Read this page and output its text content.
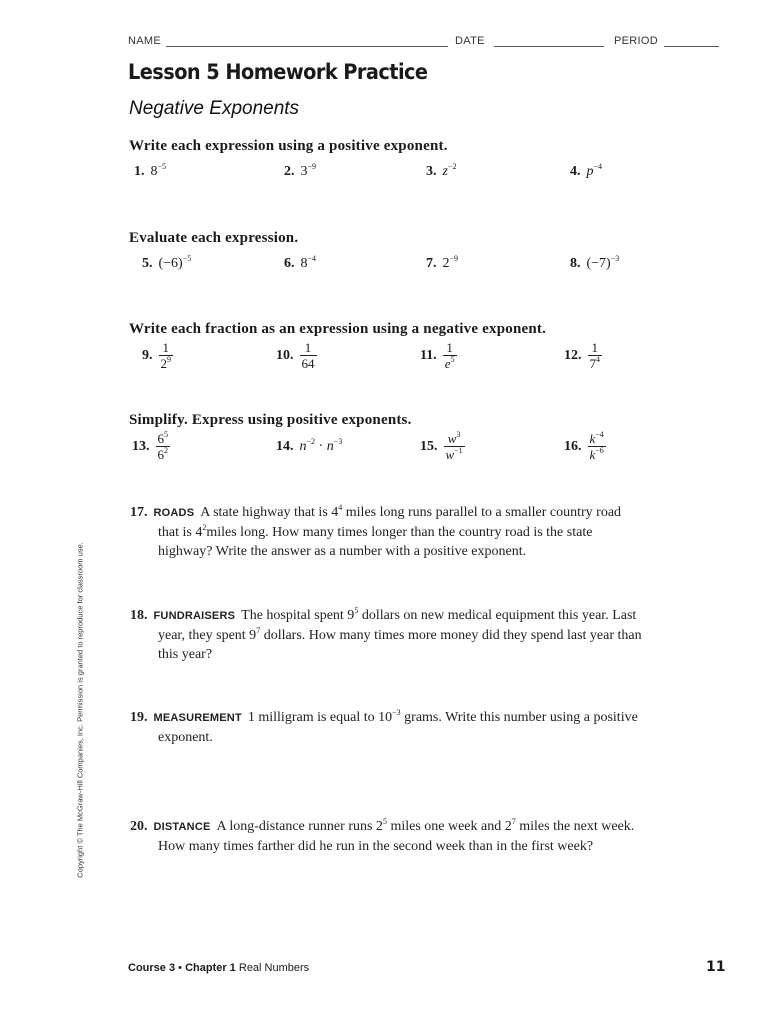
NAME	DATE	PERIOD
Lesson 5 Homework Practice
Negative Exponents
Write each expression using a positive exponent.
1. $8^{-5}$	2. $3^{-9}$	3. $z^{-2}$	4. $p^{-4}$
Evaluate each expression.
5. $(-6)^{-5}$	6. $8^{-4}$	7. $2^{-9}$	8. $(-7)^{-3}$
Write each fraction as an expression using a negative exponent.
9. $\frac{1}{2^9}$	10. $\frac{1}{64}$	11. $\frac{1}{e^5}$	12. $\frac{1}{7^4}$
Simplify. Express using positive exponents.
13. $\frac{6^5}{6^2}$	14. $n^{-2} \cdot n^{-3}$	15. $\frac{w^3}{w^{-1}}$	16. $\frac{k^{-4}}{k^{-6}}$
17. ROADS A state highway that is $4^4$ miles long runs parallel to a smaller country road
that is $4^2miles$ long. How many times longer than the country road is the state
highway? Write the answer as a number with a positive exponent.
18. FUNDRAISERS The hospital spent $9^5$ dollars on new medical equipment this year. Last
year, they spent $9^7$ dollars. How many times more money did they spend last year than
this year?
19. MEASUREMENT 1 milligram is equal to $10^{-3}$ grams. Write this number using a positive
exponent.
20. DISTANCE A long-distance runner runs $2^5$ miles one week and $2^7$ miles the next week.
How many times farther did he run in the second week than in the first week?
Copyright © The McGraw-Hill Companies, Inc. Permission is granted to reproduce for classroom use.
Course 3 • Chapter 1 Real Numbers	11
